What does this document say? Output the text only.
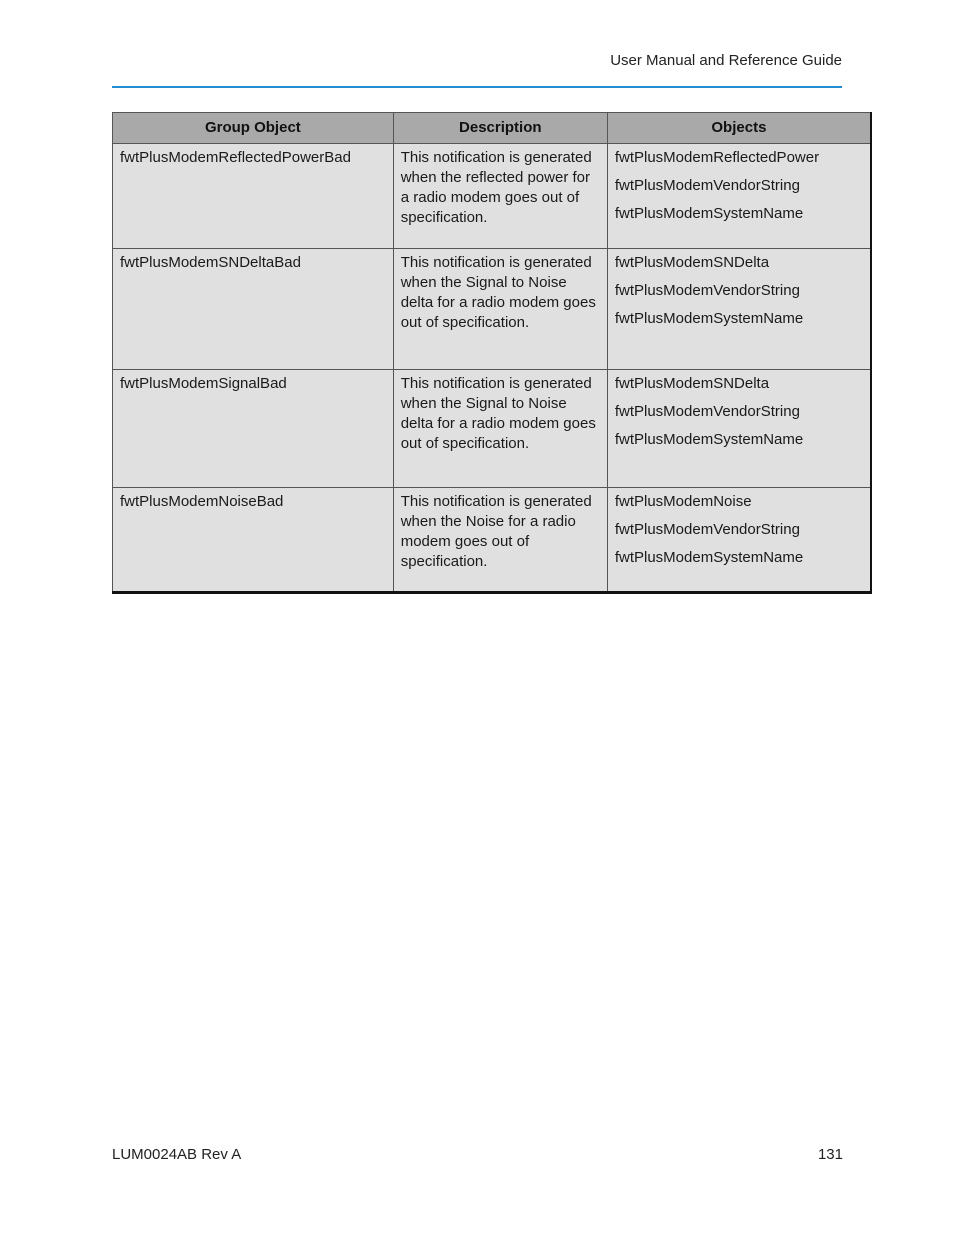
User Manual and Reference Guide
Group Object	Description	Objects
fwtPlusModemReflectedPowerBad	This notification is generated when the reflected power for a radio modem goes out of specification.	fwtPlusModemReflectedPower
fwtPlusModemVendorString
fwtPlusModemSystemName

fwtPlusModemSNDeltaBad	This notification is generated when the Signal to Noise delta for a radio modem goes out of specification.	fwtPlusModemSNDelta
fwtPlusModemVendorString
fwtPlusModemSystemName

fwtPlusModemSignalBad	This notification is generated when the Signal to Noise delta for a radio modem goes out of specification.	fwtPlusModemSNDelta
fwtPlusModemVendorString
fwtPlusModemSystemName

fwtPlusModemNoiseBad	This notification is generated when the Noise for a radio modem goes out of specification.	fwtPlusModemNoise
fwtPlusModemVendorString
fwtPlusModemSystemName
LUM0024AB Rev A	131
